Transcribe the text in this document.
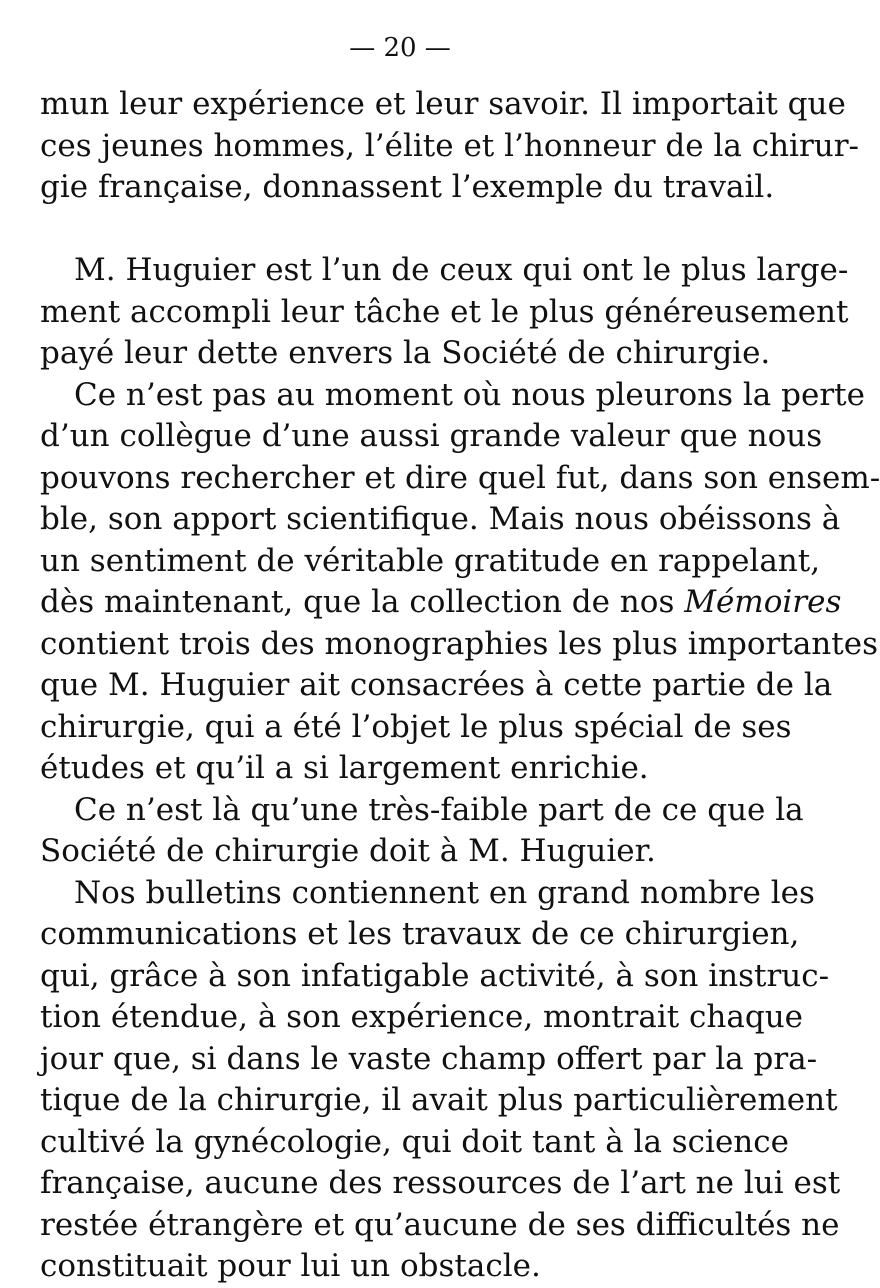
— 20 —
mun leur expérience et leur savoir. Il importait que
ces jeunes hommes, l’élite et l’honneur de la chirur-
gie française, donnassent l’exemple du travail.
M. Huguier est l’un de ceux qui ont le plus large-
ment accompli leur tâche et le plus généreusement
payé leur dette envers la Société de chirurgie.
Ce n’est pas au moment où nous pleurons la perte
d’un collègue d’une aussi grande valeur que nous
pouvons rechercher et dire quel fut, dans son ensem-
ble, son apport scientifique. Mais nous obéissons à
un sentiment de véritable gratitude en rappelant,
dès maintenant, que la collection de nos Mémoires
contient trois des monographies les plus importantes
que M. Huguier ait consacrées à cette partie de la
chirurgie, qui a été l’objet le plus spécial de ses
études et qu’il a si largement enrichie.
Ce n’est là qu’une très-faible part de ce que la
Société de chirurgie doit à M. Huguier.
Nos bulletins contiennent en grand nombre les
communications et les travaux de ce chirurgien,
qui, grâce à son infatigable activité, à son instruc-
tion étendue, à son expérience, montrait chaque
jour que, si dans le vaste champ offert par la pra-
tique de la chirurgie, il avait plus particulièrement
cultivé la gynécologie, qui doit tant à la science
française, aucune des ressources de l’art ne lui est
restée étrangère et qu’aucune de ses difficultés ne
constituait pour lui un obstacle.
